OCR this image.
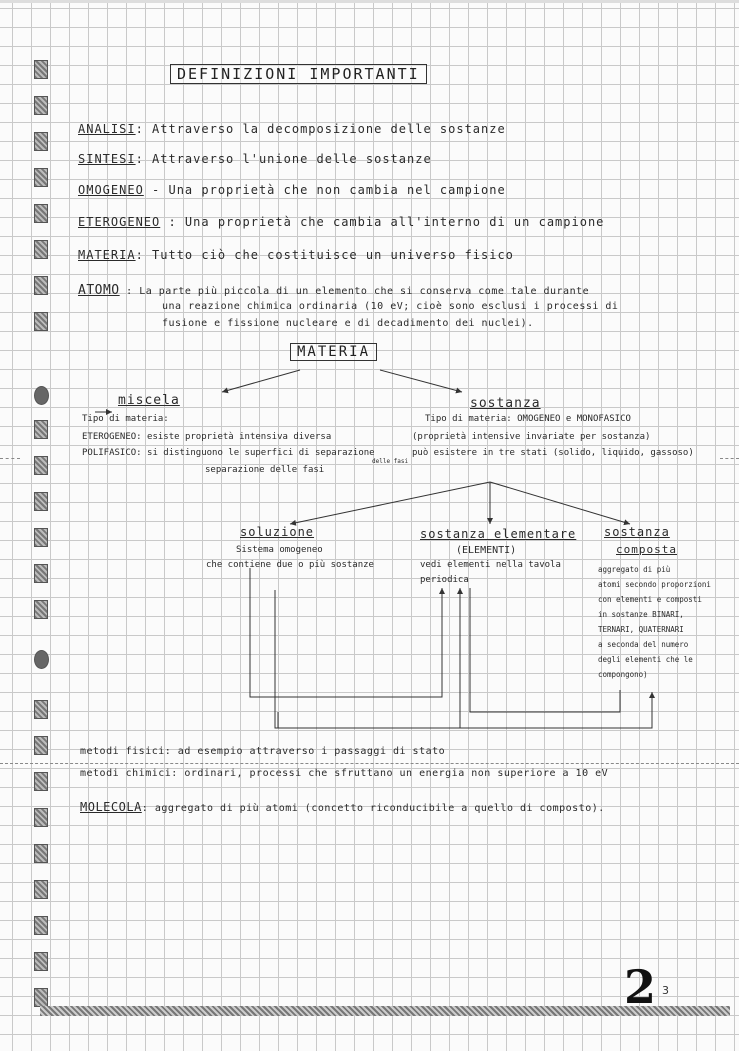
DEFINIZIONI IMPORTANTI
ANALISI: Attraverso la decomposizione delle sostanze
SINTESI: Attraverso l'unione delle sostanze
OMOGENEO - Una proprietà che non cambia nel campione
ETEROGENEO : Una proprietà che cambia all'interno di un campione
MATERIA: Tutto ciò che costituisce un universo fisico
ATOMO : La parte più piccola di un elemento che si conserva come tale durante
una reazione chimica ordinaria (10 eV; cioè sono esclusi i processi di
fusione e fissione nucleare e di decadimento dei nuclei).
MATERIA
miscela
Tipo di materia:
ETEROGENEO: esiste proprietà intensiva diversa
POLIFASICO: si distinguono le superfici di separazione
separazione delle fasi
delle fasi
sostanza
Tipo di materia: OMOGENEO e MONOFASICO
(proprietà intensive invariate per sostanza)
può esistere in tre stati (solido, liquido, gassoso)
soluzione
Sistema omogeneo
che contiene due o più sostanze
sostanza elementare
(ELEMENTI)
vedi elementi nella tavola
periodica
sostanza
composta
aggregato di più
atomi secondo proporzioni
con elementi e composti
in sostanze BINARI,
TERNARI, QUATERNARI
a seconda del numero
degli elementi che le
compongono)
metodi fisici: ad esempio attraverso i passaggi di stato
metodi chimici: ordinari, processi che sfruttano un energia non superiore a 10 eV
MOLECOLA: aggregato di più atomi (concetto riconducibile a quello di composto).
2 3
